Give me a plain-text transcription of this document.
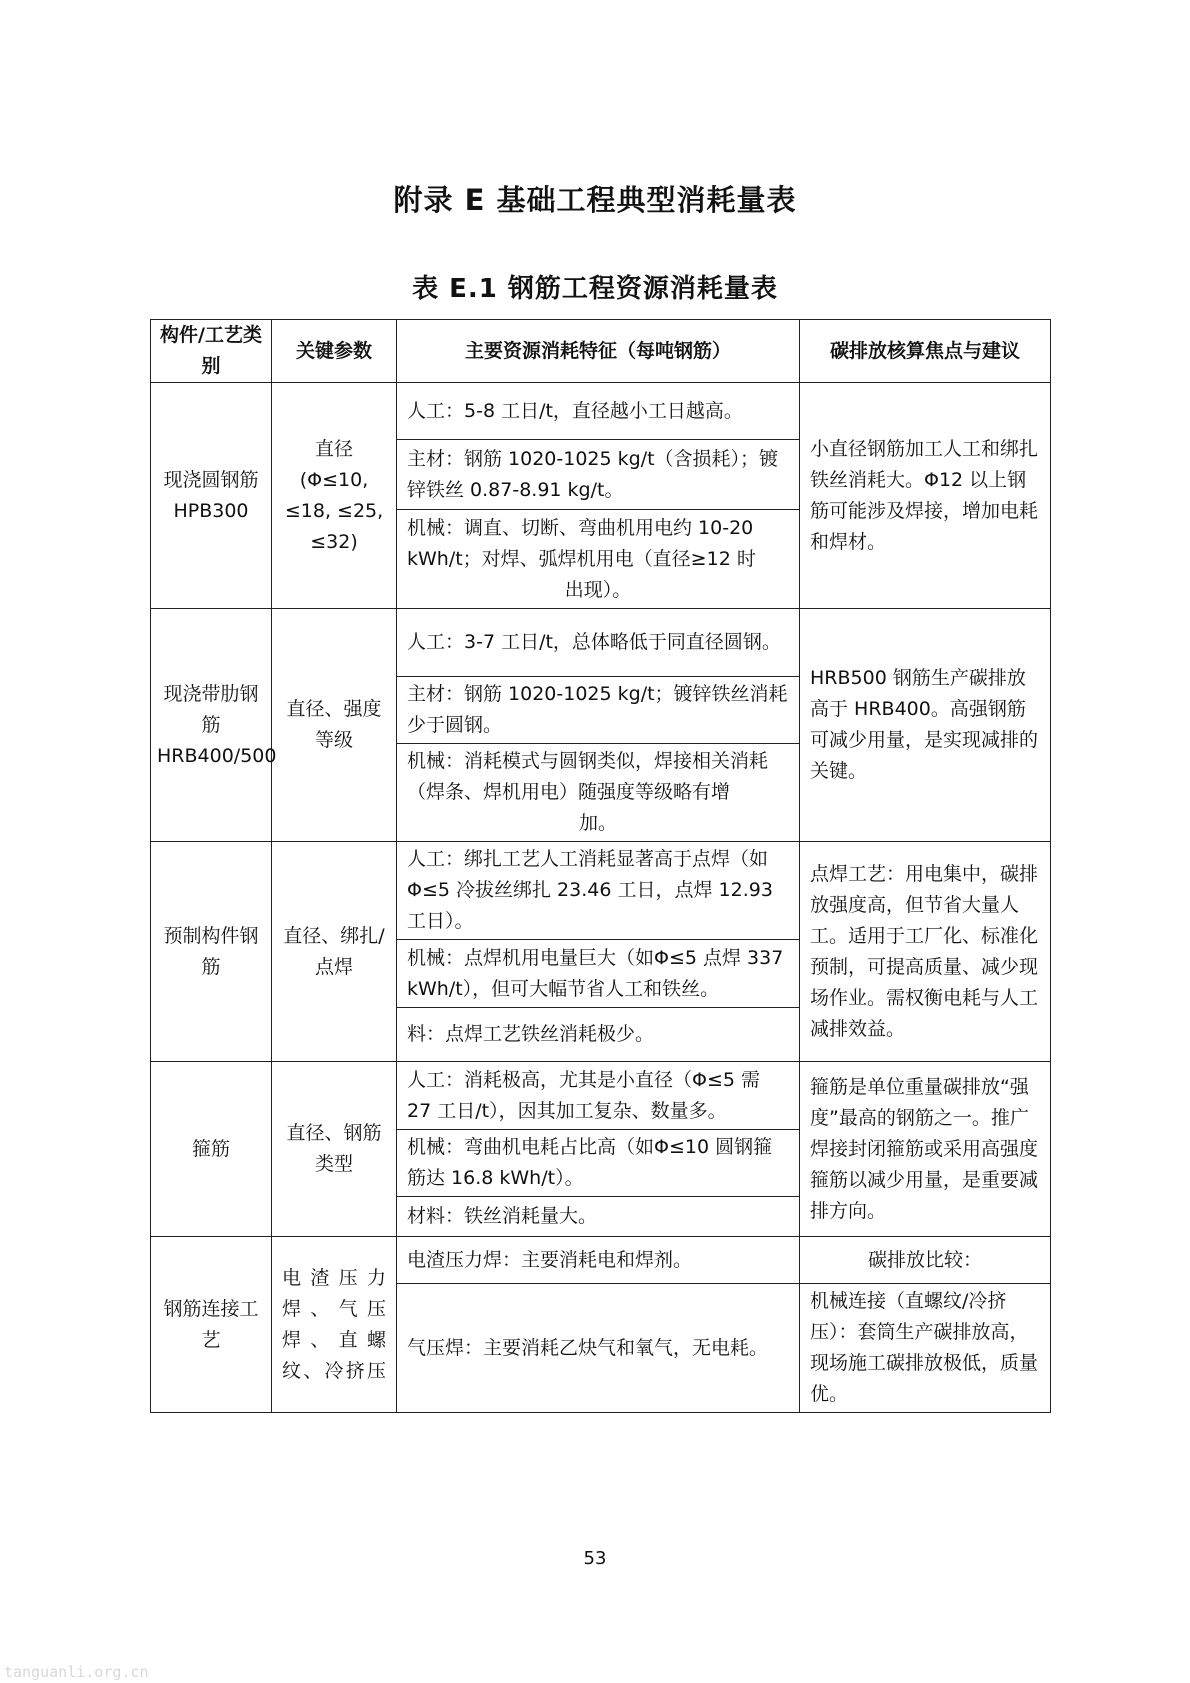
附录 E 基础工程典型消耗量表
表 E.1 钢筋工程资源消耗量表
构件/工艺类别	关键参数	主要资源消耗特征（每吨钢筋）	碳排放核算焦点与建议
现浇圆钢筋 HPB300	直径 (Φ≤10, ≤18, ≤25, ≤32)	人工：5-8 工日/t，直径越小工日越高。	小直径钢筋加工人工和绑扎铁丝消耗大。Φ12 以上钢筋可能涉及焊接，增加电耗和焊材。
		主材：钢筋 1020-1025 kg/t（含损耗）；镀锌铁丝 0.87-8.91 kg/t。	
		机械：调直、切断、弯曲机用电约 10-20 kWh/t；对焊、弧焊机用电（直径≥12 时
出现）。	

现浇带肋钢筋 HRB400/500	直径、强度等级	人工：3-7 工日/t，总体略低于同直径圆钢。	HRB500 钢筋生产碳排放高于 HRB400。高强钢筋可减少用量，是实现减排的关键。
		主材：钢筋 1020-1025 kg/t；镀锌铁丝消耗少于圆钢。	
		机械：消耗模式与圆钢类似，焊接相关消耗（焊条、焊机用电）随强度等级略有增
加。	

预制构件钢筋	直径、绑扎/点焊	人工：绑扎工艺人工消耗显著高于点焊（如Φ≤5 冷拔丝绑扎 23.46 工日，点焊 12.93 工日）。	点焊工艺：用电集中，碳排放强度高，但节省大量人工。适用于工厂化、标准化预制，可提高质量、减少现场作业。需权衡电耗与人工减排效益。
		机械：点焊机用电量巨大（如Φ≤5 点焊 337 kWh/t），但可大幅节省人工和铁丝。	
		料：点焊工艺铁丝消耗极少。	
箍筋	直径、钢筋类型	人工：消耗极高，尤其是小直径（Φ≤5 需 27 工日/t），因其加工复杂、数量多。	箍筋是单位重量碳排放“强度”最高的钢筋之一。推广焊接封闭箍筋或采用高强度箍筋以减少用量，是重要减排方向。
		机械：弯曲机电耗占比高（如Φ≤10 圆钢箍筋达 16.8 kWh/t）。	
		材料：铁丝消耗量大。	
钢筋连接工艺	电渣压力焊、气压焊、直螺纹、冷挤压	电渣压力焊：主要消耗电和焊剂。	碳排放比较：
		气压焊：主要消耗乙炔气和氧气，无电耗。	机械连接（直螺纹/冷挤压）：套筒生产碳排放高，现场施工碳排放极低，质量优。
53
tanguanli.org.cn
